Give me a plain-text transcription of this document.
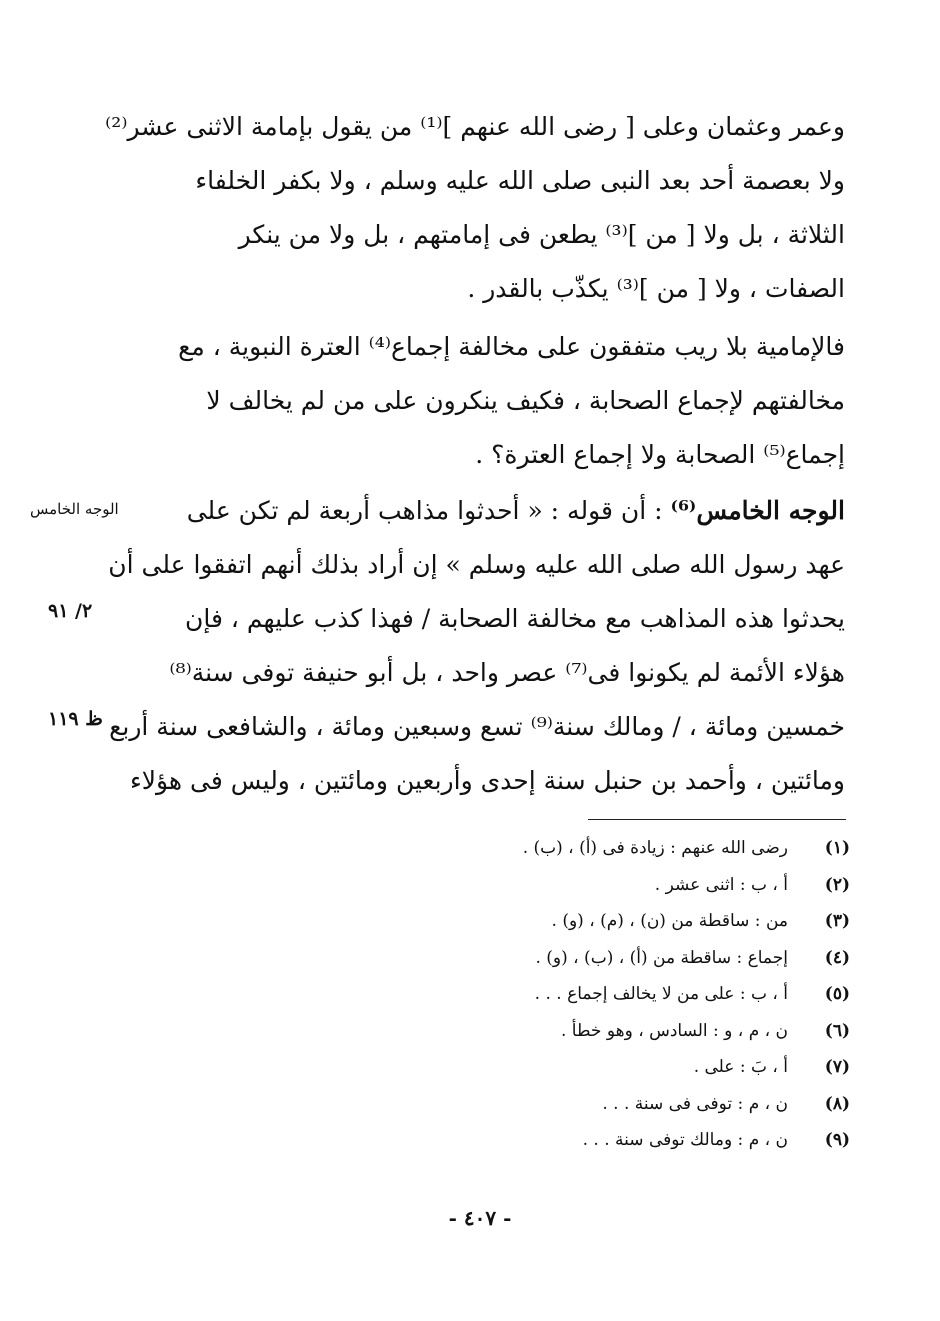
وعمر وعثمان وعلى [ رضى الله عنهم ]⁽¹⁾ من يقول بإمامة الاثنى عشر⁽²⁾
ولا بعصمة أحد بعد النبى صلى الله عليه وسلم ، ولا بكفر الخلفاء
الثلاثة ، بل ولا [ من ]⁽³⁾ يطعن فى إمامتهم ، بل ولا من ينكر
الصفات ، ولا [ من ]⁽³⁾ يكذّب بالقدر .
فالإمامية بلا ريب متفقون على مخالفة إجماع⁽⁴⁾ العترة النبوية ، مع
مخالفتهم لإجماع الصحابة ، فكيف ينكرون على من لم يخالف لا
إجماع⁽⁵⁾ الصحابة ولا إجماع العترة؟ .
الوجه الخامس⁽⁶⁾ : أن قوله : « أحدثوا مذاهب أربعة لم تكن على
عهد رسول الله صلى الله عليه وسلم » إن أراد بذلك أنهم اتفقوا على أن
يحدثوا هذه المذاهب مع مخالفة الصحابة / فهذا كذب عليهم ، فإن
هؤلاء الأئمة لم يكونوا فى⁽⁷⁾ عصر واحد ، بل أبو حنيفة توفى سنة⁽⁸⁾
خمسين ومائة ، / ومالك سنة⁽⁹⁾ تسع وسبعين ومائة ، والشافعى سنة أربع
ومائتين ، وأحمد بن حنبل سنة إحدى وأربعين ومائتين ، وليس فى هؤلاء
الوجه الخامس
٢/ ٩١
ظ ١١٩
(١)
رضى الله عنهم : زيادة فى (أ) ، (ب) .
(٢)
أ ، ب : اثنى عشر .
(٣)
من : ساقطة من (ن) ، (م) ، (و) .
(٤)
إجماع : ساقطة من (أ) ، (ب) ، (و) .
(٥)
أ ، ب : على من لا يخالف إجماع . . .
(٦)
ن ، م ، و : السادس ، وهو خطأ .
(٧)
أ ، بَ : على .
(٨)
ن ، م : توفى فى سنة . . .
(٩)
ن ، م : ومالك توفى سنة . . .
- ٤٠٧ -
